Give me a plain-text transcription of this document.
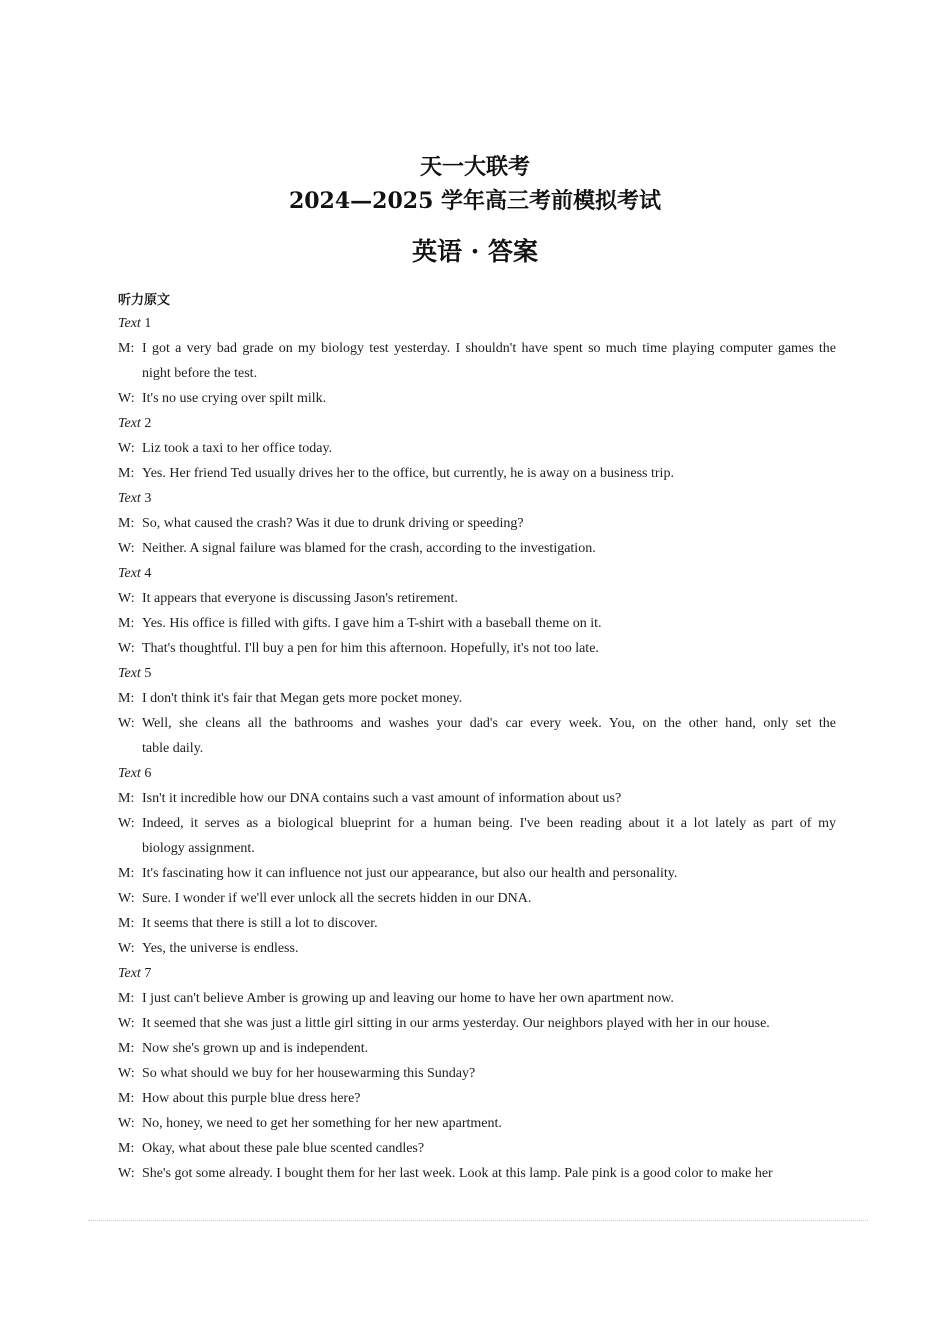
天一大联考
2024—2025 学年高三考前模拟考试
英语 · 答案
听力原文
Text 1
M: I got a very bad grade on my biology test yesterday. I shouldn't have spent so much time playing computer games the
night before the test.
W: It's no use crying over spilt milk.
Text 2
W: Liz took a taxi to her office today.
M: Yes. Her friend Ted usually drives her to the office, but currently, he is away on a business trip.
Text 3
M: So, what caused the crash? Was it due to drunk driving or speeding?
W: Neither. A signal failure was blamed for the crash, according to the investigation.
Text 4
W: It appears that everyone is discussing Jason's retirement.
M: Yes. His office is filled with gifts. I gave him a T-shirt with a baseball theme on it.
W: That's thoughtful. I'll buy a pen for him this afternoon. Hopefully, it's not too late.
Text 5
M: I don't think it's fair that Megan gets more pocket money.
W: Well, she cleans all the bathrooms and washes your dad's car every week. You, on the other hand, only set the
table daily.
Text 6
M: Isn't it incredible how our DNA contains such a vast amount of information about us?
W: Indeed, it serves as a biological blueprint for a human being. I've been reading about it a lot lately as part of my
biology assignment.
M: It's fascinating how it can influence not just our appearance, but also our health and personality.
W: Sure. I wonder if we'll ever unlock all the secrets hidden in our DNA.
M: It seems that there is still a lot to discover.
W: Yes, the universe is endless.
Text 7
M: I just can't believe Amber is growing up and leaving our home to have her own apartment now.
W: It seemed that she was just a little girl sitting in our arms yesterday. Our neighbors played with her in our house.
M: Now she's grown up and is independent.
W: So what should we buy for her housewarming this Sunday?
M: How about this purple blue dress here?
W: No, honey, we need to get her something for her new apartment.
M: Okay, what about these pale blue scented candles?
W: She's got some already. I bought them for her last week. Look at this lamp. Pale pink is a good color to make her
